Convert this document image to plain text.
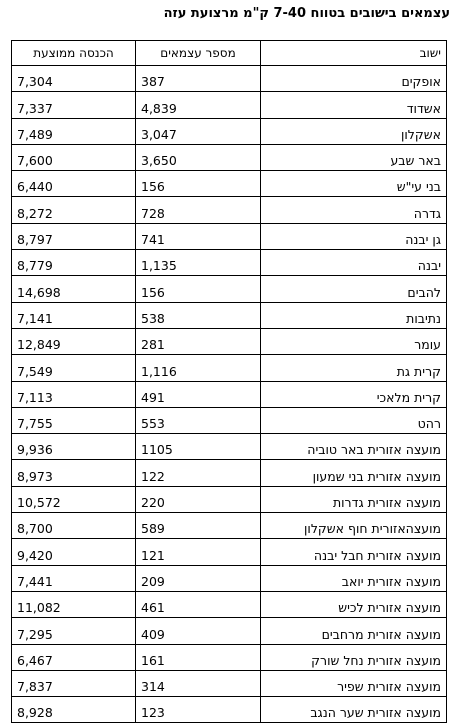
עצמאים בישובים בטווח 7-40 ק"מ מרצועת עזה
הכנסה ממוצעת	מספר עצמאים	ישוב
7,304	387	אופקים
7,337	4,839	אשדוד
7,489	3,047	אשקלון
7,600	3,650	באר שבע
6,440	156	בני עי"ש
8,272	728	גדרה
8,797	741	גן יבנה
8,779	1,135	יבנה
14,698	156	להבים
7,141	538	נתיבות
12,849	281	עומר
7,549	1,116	קרית גת
7,113	491	קרית מלאכי
7,755	553	רהט
9,936	1105	מועצה אזורית באר טוביה
8,973	122	מועצה אזורית בני שמעון
10,572	220	מועצה אזורית גדרות
8,700	589	מועצהאזורית חוף אשקלון
9,420	121	מועצה אזורית חבל יבנה
7,441	209	מועצה אזורית יואב
11,082	461	מועצה אזורית לכיש
7,295	409	מועצה אזורית מרחבים
6,467	161	מועצה אזורית נחל שורק
7,837	314	מועצה אזורית שפיר
8,928	123	מועצה אזורית שער הנגב
